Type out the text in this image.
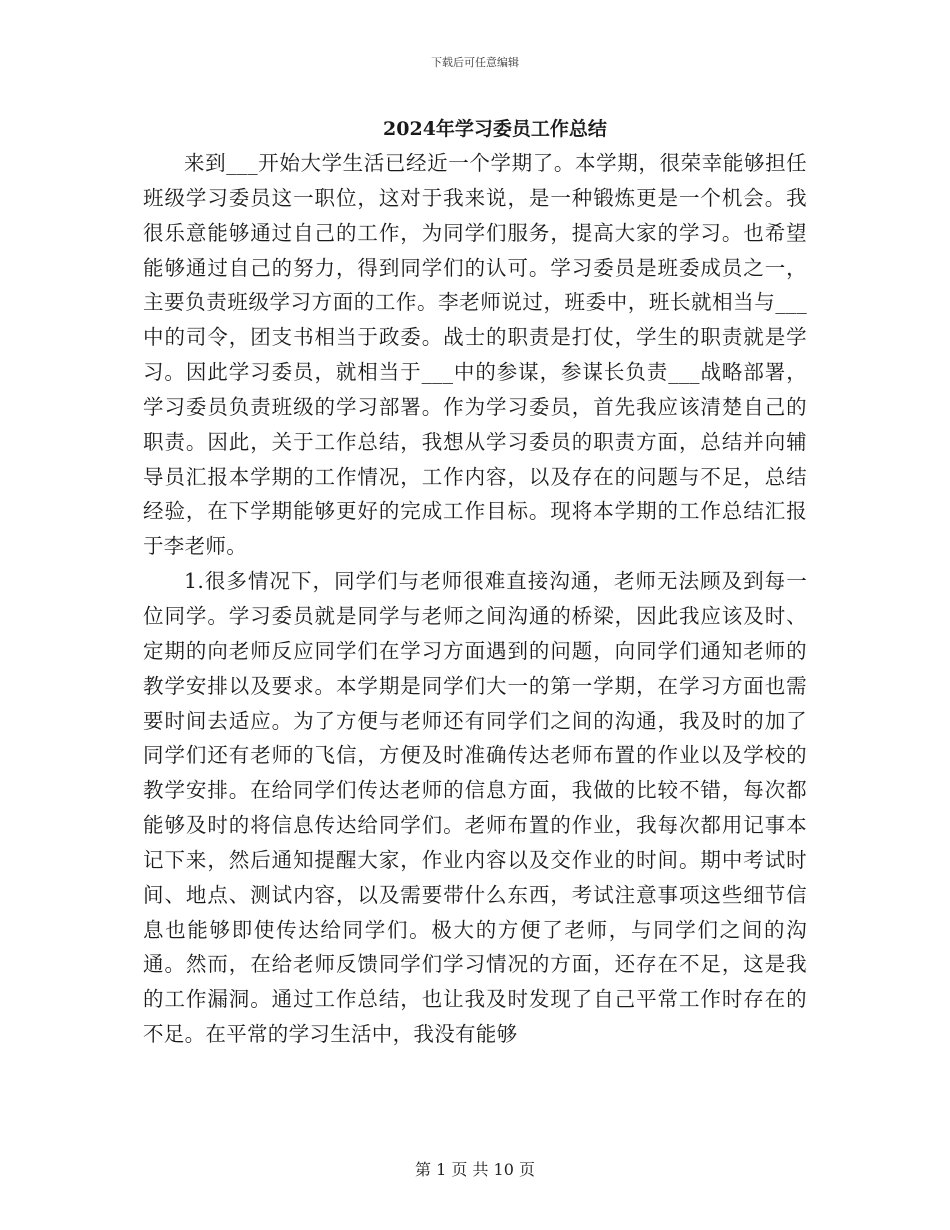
下载后可任意编辑
2024年学习委员工作总结

来到___开始大学生活已经近一个学期了。本学期，很荣幸能够担任班级学习委员这一职位，这对于我来说，是一种锻炼更是一个机会。我很乐意能够通过自己的工作，为同学们服务，提高大家的学习。也希望能够通过自己的努力，得到同学们的认可。学习委员是班委成员之一，主要负责班级学习方面的工作。李老师说过，班委中，班长就相当与___中的司令，团支书相当于政委。战士的职责是打仗，学生的职责就是学习。因此学习委员，就相当于___中的参谋，参谋长负责___战略部署，学习委员负责班级的学习部署。作为学习委员，首先我应该清楚自己的职责。因此，关于工作总结，我想从学习委员的职责方面，总结并向辅导员汇报本学期的工作情况，工作内容，以及存在的问题与不足，总结经验，在下学期能够更好的完成工作目标。现将本学期的工作总结汇报于李老师。

1.很多情况下，同学们与老师很难直接沟通，老师无法顾及到每一位同学。学习委员就是同学与老师之间沟通的桥梁，因此我应该及时、定期的向老师反应同学们在学习方面遇到的问题，向同学们通知老师的教学安排以及要求。本学期是同学们大一的第一学期，在学习方面也需要时间去适应。为了方便与老师还有同学们之间的沟通，我及时的加了同学们还有老师的飞信，方便及时准确传达老师布置的作业以及学校的教学安排。在给同学们传达老师的信息方面，我做的比较不错，每次都能够及时的将信息传达给同学们。老师布置的作业，我每次都用记事本记下来，然后通知提醒大家，作业内容以及交作业的时间。期中考试时间、地点、测试内容，以及需要带什么东西，考试注意事项这些细节信息也能够即使传达给同学们。极大的方便了老师，与同学们之间的沟通。然而，在给老师反馈同学们学习情况的方面，还存在不足，这是我的工作漏洞。通过工作总结，也让我及时发现了自己平常工作时存在的不足。在平常的学习生活中，我没有能够

第 1 页 共 10 页
